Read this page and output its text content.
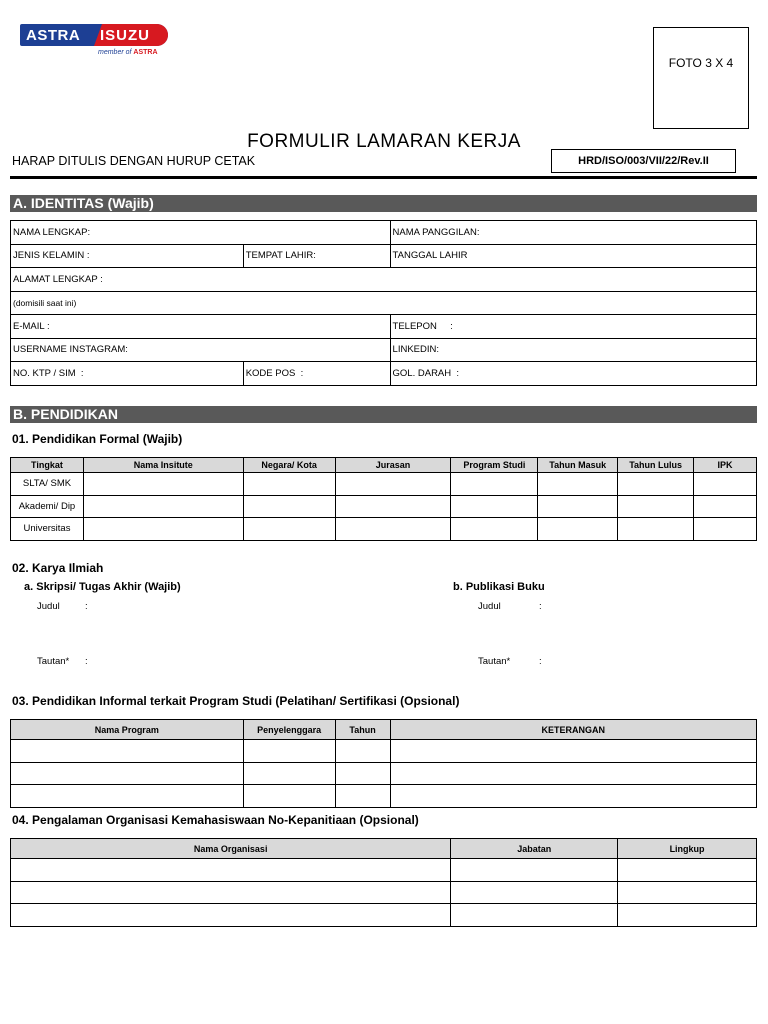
ASTRA ISUZU
member of ASTRA
FOTO 3 X 4
FORMULIR LAMARAN KERJA
HARAP DITULIS DENGAN HURUP CETAK	HRD/ISO/003/VII/22/Rev.II
A. IDENTITAS (Wajib)
NAMA LENGKAP:		NAMA PANGGILAN:
JENIS KELAMIN :	TEMPAT LAHIR:	TANGGAL LAHIR
ALAMAT LENGKAP :		
(domisili saat ini)		
E-MAIL :		TELEPON     :
USERNAME INSTAGRAM:		LINKEDIN:
NO. KTP / SIM  :	KODE POS  :	GOL. DARAH  :
B. PENDIDIKAN
01. Pendidikan Formal (Wajib)
Tingkat	Nama Insitute	Negara/ Kota	Jurasan	Program Studi	Tahun Masuk	Tahun Lulus	IPK
SLTA/ SMK							
Akademi/ Dip							
Universitas							
02. Karya Ilmiah
a. Skripsi/ Tugas Akhir (Wajib)	b. Publikasi Buku
Judul	:
Tautan* :
Judul	:
Tautan*	:
03. Pendidikan Informal terkait Program Studi (Pelatihan/ Sertifikasi (Opsional)
Nama Program	Penyelenggara	Tahun	KETERANGAN

04. Pengalaman Organisasi Kemahasiswaan No-Kepanitiaan (Opsional)
Nama Organisasi	Jabatan	Lingkup
